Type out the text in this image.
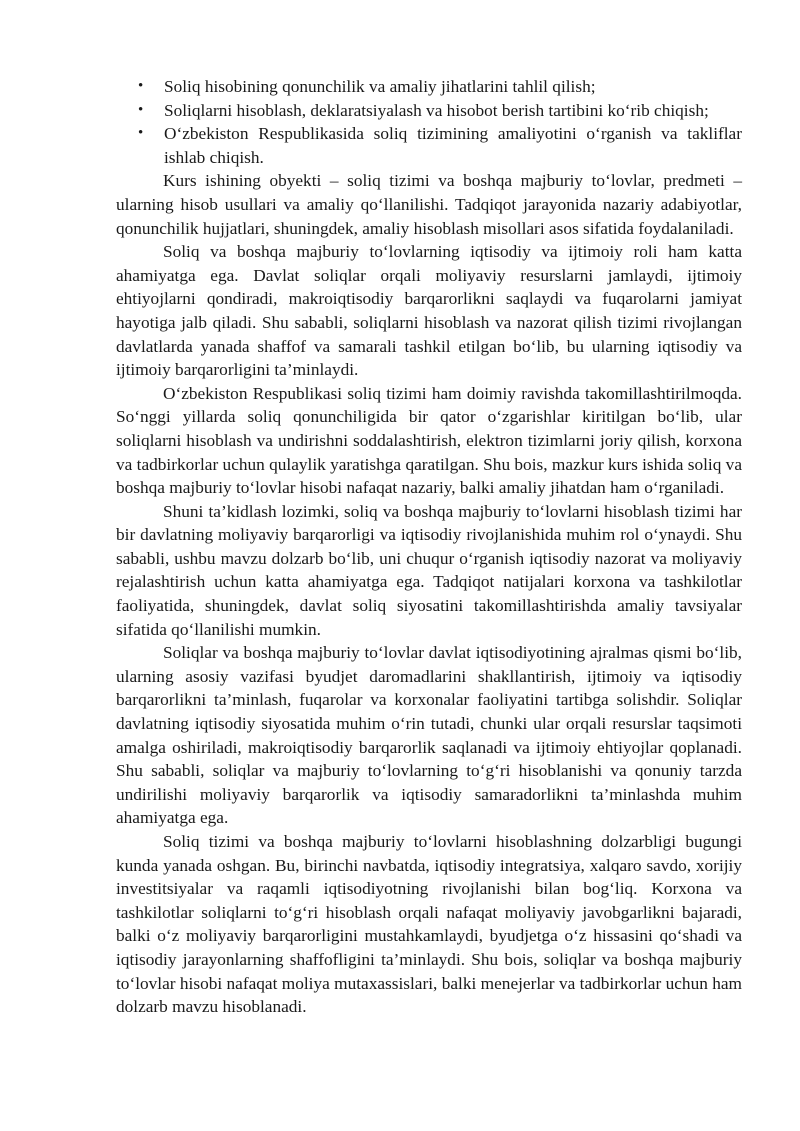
• Soliq hisobining qonunchilik va amaliy jihatlarini tahlil qilish;
• Soliqlarni hisoblash, deklaratsiyalash va hisobot berish tartibini ko‘rib chiqish;
• O‘zbekiston Respublikasida soliq tizimining amaliyotini o‘rganish va takliflar ishlab chiqish.

Kurs ishining obyekti – soliq tizimi va boshqa majburiy to‘lovlar, predmeti – ularning hisob usullari va amaliy qo‘llanilishi. Tadqiqot jarayonida nazariy adabiyotlar, qonunchilik hujjatlari, shuningdek, amaliy hisoblash misollari asos sifatida foydalaniladi.

Soliq va boshqa majburiy to‘lovlarning iqtisodiy va ijtimoiy roli ham katta ahamiyatga ega. Davlat soliqlar orqali moliyaviy resurslarni jamlaydi, ijtimoiy ehtiyojlarni qondiradi, makroiqtisodiy barqarorlikni saqlaydi va fuqarolarni jamiyat hayotiga jalb qiladi. Shu sababli, soliqlarni hisoblash va nazorat qilish tizimi rivojlangan davlatlarda yanada shaffof va samarali tashkil etilgan bo‘lib, bu ularning iqtisodiy va ijtimoiy barqarorligini ta’minlaydi.

O‘zbekiston Respublikasi soliq tizimi ham doimiy ravishda takomillashtirilmoqda. So‘nggi yillarda soliq qonunchiligida bir qator o‘zgarishlar kiritilgan bo‘lib, ular soliqlarni hisoblash va undirishni soddalashtirish, elektron tizimlarni joriy qilish, korxona va tadbirkorlar uchun qulaylik yaratishga qaratilgan. Shu bois, mazkur kurs ishida soliq va boshqa majburiy to‘lovlar hisobi nafaqat nazariy, balki amaliy jihatdan ham o‘rganiladi.

Shuni ta’kidlash lozimki, soliq va boshqa majburiy to‘lovlarni hisoblash tizimi har bir davlatning moliyaviy barqarorligi va iqtisodiy rivojlanishida muhim rol o‘ynaydi. Shu sababli, ushbu mavzu dolzarb bo‘lib, uni chuqur o‘rganish iqtisodiy nazorat va moliyaviy rejalashtirish uchun katta ahamiyatga ega. Tadqiqot natijalari korxona va tashkilotlar faoliyatida, shuningdek, davlat soliq siyosatini takomillashtirishda amaliy tavsiyalar sifatida qo‘llanilishi mumkin.

Soliqlar va boshqa majburiy to‘lovlar davlat iqtisodiyotining ajralmas qismi bo‘lib, ularning asosiy vazifasi byudjet daromadlarini shakllantirish, ijtimoiy va iqtisodiy barqarorlikni ta’minlash, fuqarolar va korxonalar faoliyatini tartibga solishdir. Soliqlar davlatning iqtisodiy siyosatida muhim o‘rin tutadi, chunki ular orqali resurslar taqsimoti amalga oshiriladi, makroiqtisodiy barqarorlik saqlanadi va ijtimoiy ehtiyojlar qoplanadi. Shu sababli, soliqlar va majburiy to‘lovlarning to‘g‘ri hisoblanishi va qonuniy tarzda undirilishi moliyaviy barqarorlik va iqtisodiy samaradorlikni ta’minlashda muhim ahamiyatga ega.

Soliq tizimi va boshqa majburiy to‘lovlarni hisoblashning dolzarbligi bugungi kunda yanada oshgan. Bu, birinchi navbatda, iqtisodiy integratsiya, xalqaro savdo, xorijiy investitsiyalar va raqamli iqtisodiyotning rivojlanishi bilan bog‘liq. Korxona va tashkilotlar soliqlarni to‘g‘ri hisoblash orqali nafaqat moliyaviy javobgarlikni bajaradi, balki o‘z moliyaviy barqarorligini mustahkamlaydi, byudjetga o‘z hissasini qo‘shadi va iqtisodiy jarayonlarning shaffofligini ta’minlaydi. Shu bois, soliqlar va boshqa majburiy to‘lovlar hisobi nafaqat moliya mutaxassislari, balki menejerlar va tadbirkorlar uchun ham dolzarb mavzu hisoblanadi.
